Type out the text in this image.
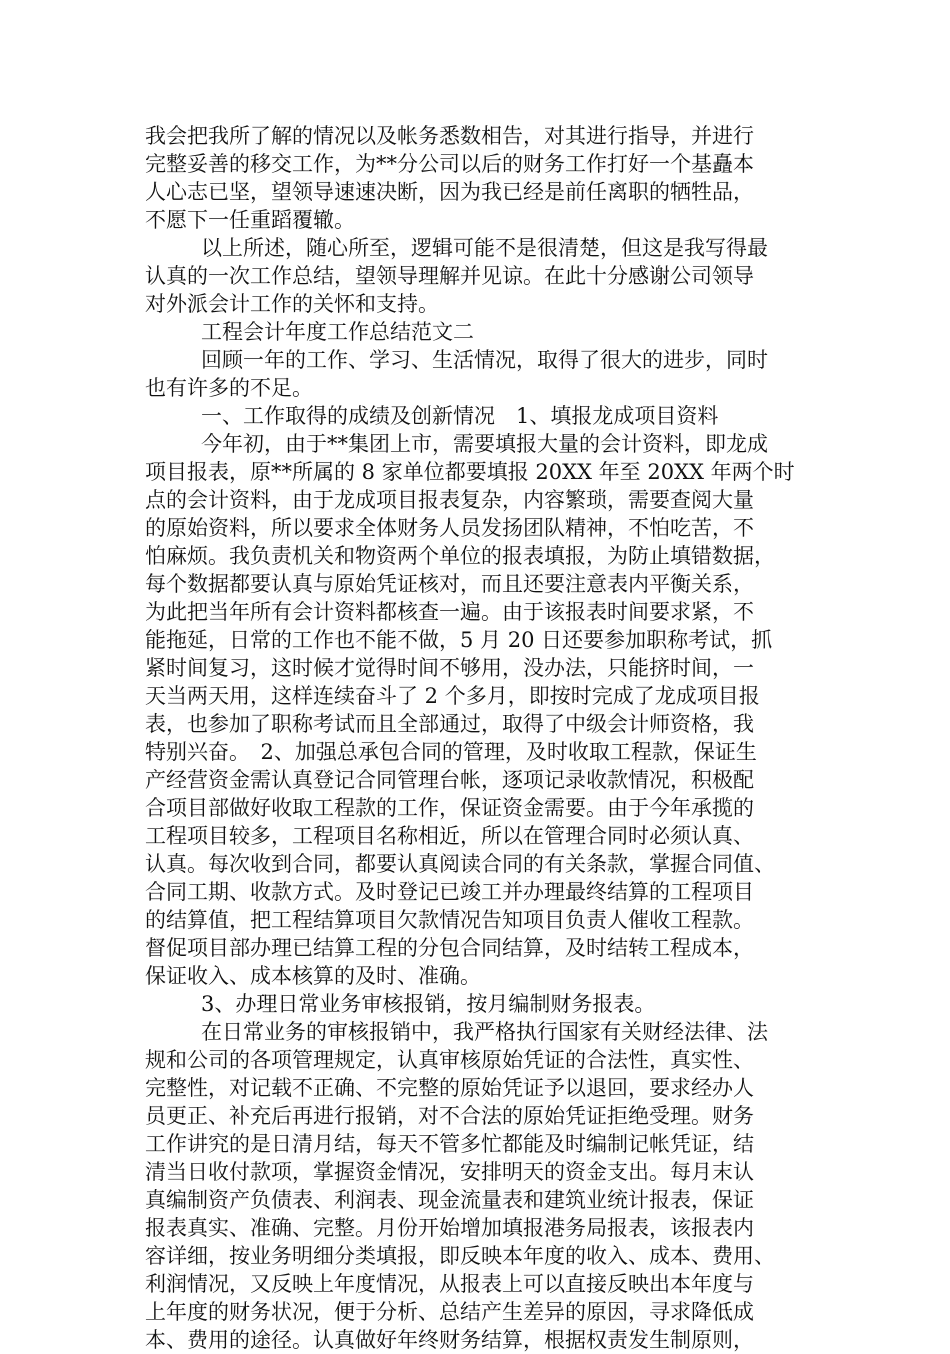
我会把我所了解的情况以及帐务悉数相告，对其进行指导，并进行
完整妥善的移交工作，为**分公司以后的财务工作打好一个基矗本
人心志已坚，望领导速速决断，因为我已经是前任离职的牺牲品，
不愿下一任重蹈覆辙。
以上所述，随心所至，逻辑可能不是很清楚，但这是我写得最
认真的一次工作总结，望领导理解并见谅。在此十分感谢公司领导
对外派会计工作的关怀和支持。
工程会计年度工作总结范文二
回顾一年的工作、学习、生活情况，取得了很大的进步，同时
也有许多的不足。
一、工作取得的成绩及创新情况　1、填报龙成项目资料
今年初，由于**集团上市，需要填报大量的会计资料，即龙成
项目报表，原**所属的 8 家单位都要填报 20XX 年至 20XX 年两个时
点的会计资料，由于龙成项目报表复杂，内容繁琐，需要查阅大量
的原始资料，所以要求全体财务人员发扬团队精神，不怕吃苦，不
怕麻烦。我负责机关和物资两个单位的报表填报，为防止填错数据，
每个数据都要认真与原始凭证核对，而且还要注意表内平衡关系，
为此把当年所有会计资料都核查一遍。由于该报表时间要求紧，不
能拖延，日常的工作也不能不做，5 月 20 日还要参加职称考试，抓
紧时间复习，这时候才觉得时间不够用，没办法，只能挤时间，一
天当两天用，这样连续奋斗了 2 个多月，即按时完成了龙成项目报
表，也参加了职称考试而且全部通过，取得了中级会计师资格，我
特别兴奋。　2、加强总承包合同的管理，及时收取工程款，保证生
产经营资金需认真登记合同管理台帐，逐项记录收款情况，积极配
合项目部做好收取工程款的工作，保证资金需要。由于今年承揽的
工程项目较多，工程项目名称相近，所以在管理合同时必须认真、
认真。每次收到合同，都要认真阅读合同的有关条款，掌握合同值、
合同工期、收款方式。及时登记已竣工并办理最终结算的工程项目
的结算值，把工程结算项目欠款情况告知项目负责人催收工程款。
督促项目部办理已结算工程的分包合同结算，及时结转工程成本，
保证收入、成本核算的及时、准确。
3、办理日常业务审核报销，按月编制财务报表。
在日常业务的审核报销中，我严格执行国家有关财经法律、法
规和公司的各项管理规定，认真审核原始凭证的合法性，真实性、
完整性，对记载不正确、不完整的原始凭证予以退回，要求经办人
员更正、补充后再进行报销，对不合法的原始凭证拒绝受理。财务
工作讲究的是日清月结，每天不管多忙都能及时编制记帐凭证，结
清当日收付款项，掌握资金情况，安排明天的资金支出。每月末认
真编制资产负债表、利润表、现金流量表和建筑业统计报表，保证
报表真实、准确、完整。月份开始增加填报港务局报表，该报表内
容详细，按业务明细分类填报，即反映本年度的收入、成本、费用、
利润情况，又反映上年度情况，从报表上可以直接反映出本年度与
上年度的财务状况，便于分析、总结产生差异的原因，寻求降低成
本、费用的途径。认真做好年终财务结算，根据权责发生制原则，
